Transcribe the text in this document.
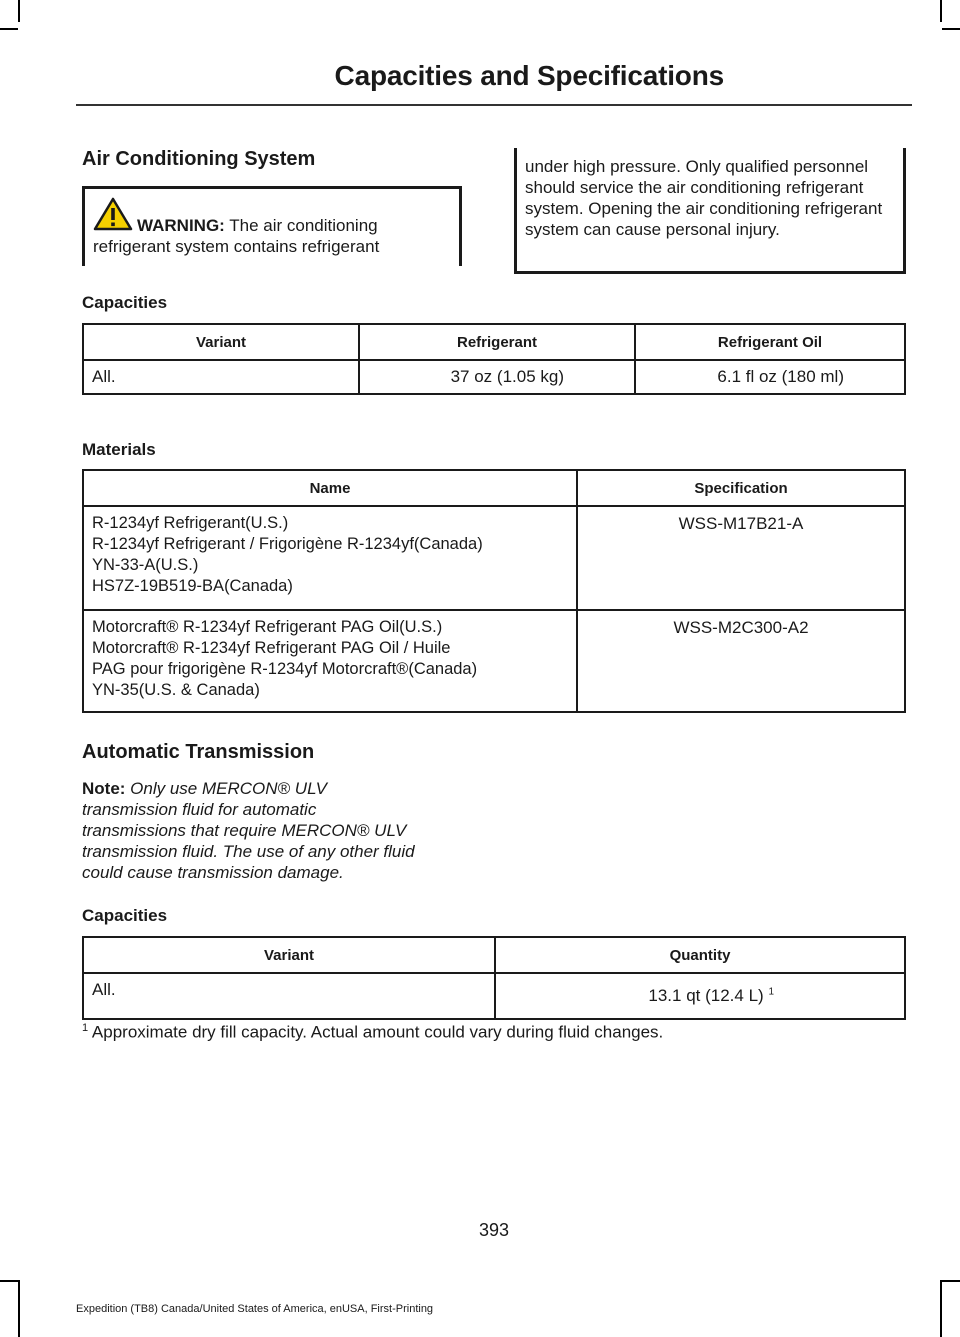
Capacities and Specifications
Air Conditioning System
WARNING: The air conditioning
refrigerant system contains refrigerant
under high pressure. Only qualified personnel should service the air conditioning refrigerant system. Opening the air conditioning refrigerant system can cause personal injury.
Capacities
Variant	Refrigerant	Refrigerant Oil
All.	37 oz (1.05 kg)	6.1 fl oz (180 ml)
Materials
Name	Specification

R-1234yf Refrigerant(U.S.)
R-1234yf Refrigerant / Frigorigène R-1234yf(Canada)
YN-33-A(U.S.)
HS7Z-19B519-BA(Canada)	WSS-M17B21-A

Motorcraft® R-1234yf Refrigerant PAG Oil(U.S.)
Motorcraft® R-1234yf Refrigerant PAG Oil / Huile
PAG pour frigorigène R-1234yf Motorcraft®(Canada)
YN-35(U.S. & Canada)	WSS-M2C300-A2
Automatic Transmission
Note: Only use MERCON® ULV
transmission fluid for automatic
transmissions that require MERCON® ULV
transmission fluid. The use of any other fluid
could cause transmission damage.
Capacities
Variant	Quantity
All.	13.1 qt (12.4 L) $^1$
$^1$ Approximate dry fill capacity. Actual amount could vary during fluid changes.
393
Expedition (TB8) Canada/United States of America, enUSA, First-Printing
